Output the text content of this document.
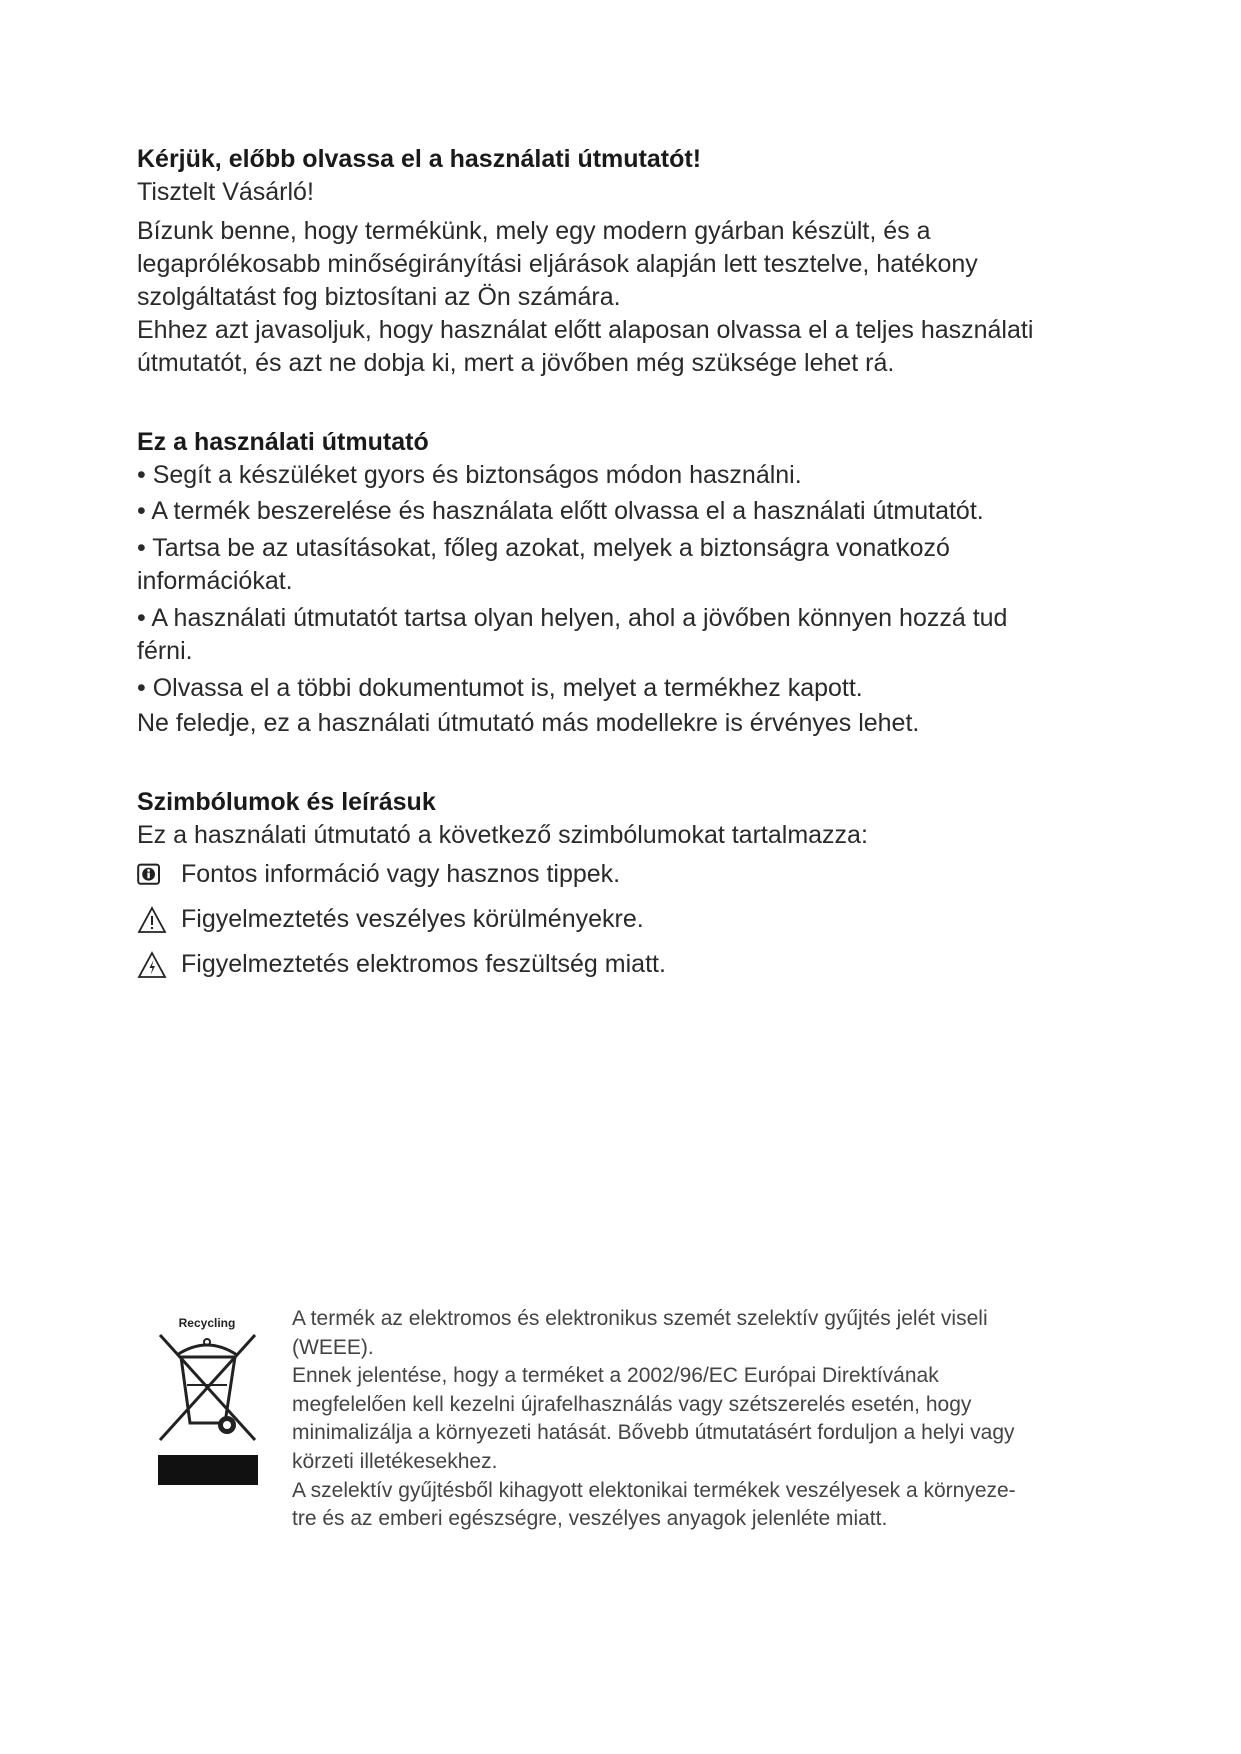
Kérjük, előbb olvassa el a használati útmutatót!
Tisztelt Vásárló!
Bízunk benne, hogy termékünk, mely egy modern gyárban készült, és a
legaprólékosabb minőségirányítási eljárások alapján lett tesztelve, hatékony
szolgáltatást fog biztosítani az Ön számára.
Ehhez azt javasoljuk, hogy használat előtt alaposan olvassa el a teljes használati
útmutatót, és azt ne dobja ki, mert a jövőben még szüksége lehet rá.
Ez a használati útmutató
• Segít a készüléket gyors és biztonságos módon használni.
• A termék beszerelése és használata előtt olvassa el a használati útmutatót.
• Tartsa be az utasításokat, főleg azokat, melyek a biztonságra vonatkozó
információkat.
• A használati útmutatót tartsa olyan helyen, ahol a jövőben könnyen hozzá tud
férni.
• Olvassa el a többi dokumentumot is, melyet a termékhez kapott.
Ne feledje, ez a használati útmutató más modellekre is érvényes lehet.
Szimbólumok és leírásuk
Ez a használati útmutató a következő szimbólumokat tartalmazza:
Fontos információ vagy hasznos tippek.
Figyelmeztetés veszélyes körülményekre.
Figyelmeztetés elektromos feszültség miatt.
Recycling	A termék az elektromos és elektronikus szemét szelektív gyűjtés jelét viseli
(WEEE).
Ennek jelentése, hogy a terméket a 2002/96/EC Európai Direktívának
megfelelően kell kezelni újrafelhasználás vagy szétszerelés esetén, hogy
minimalizálja a környezeti hatását. Bővebb útmutatásért forduljon a helyi vagy
körzeti illetékesekhez.
A szelektív gyűjtésből kihagyott elektonikai termékek veszélyesek a környeze-
tre és az emberi egészségre, veszélyes anyagok jelenléte miatt.
